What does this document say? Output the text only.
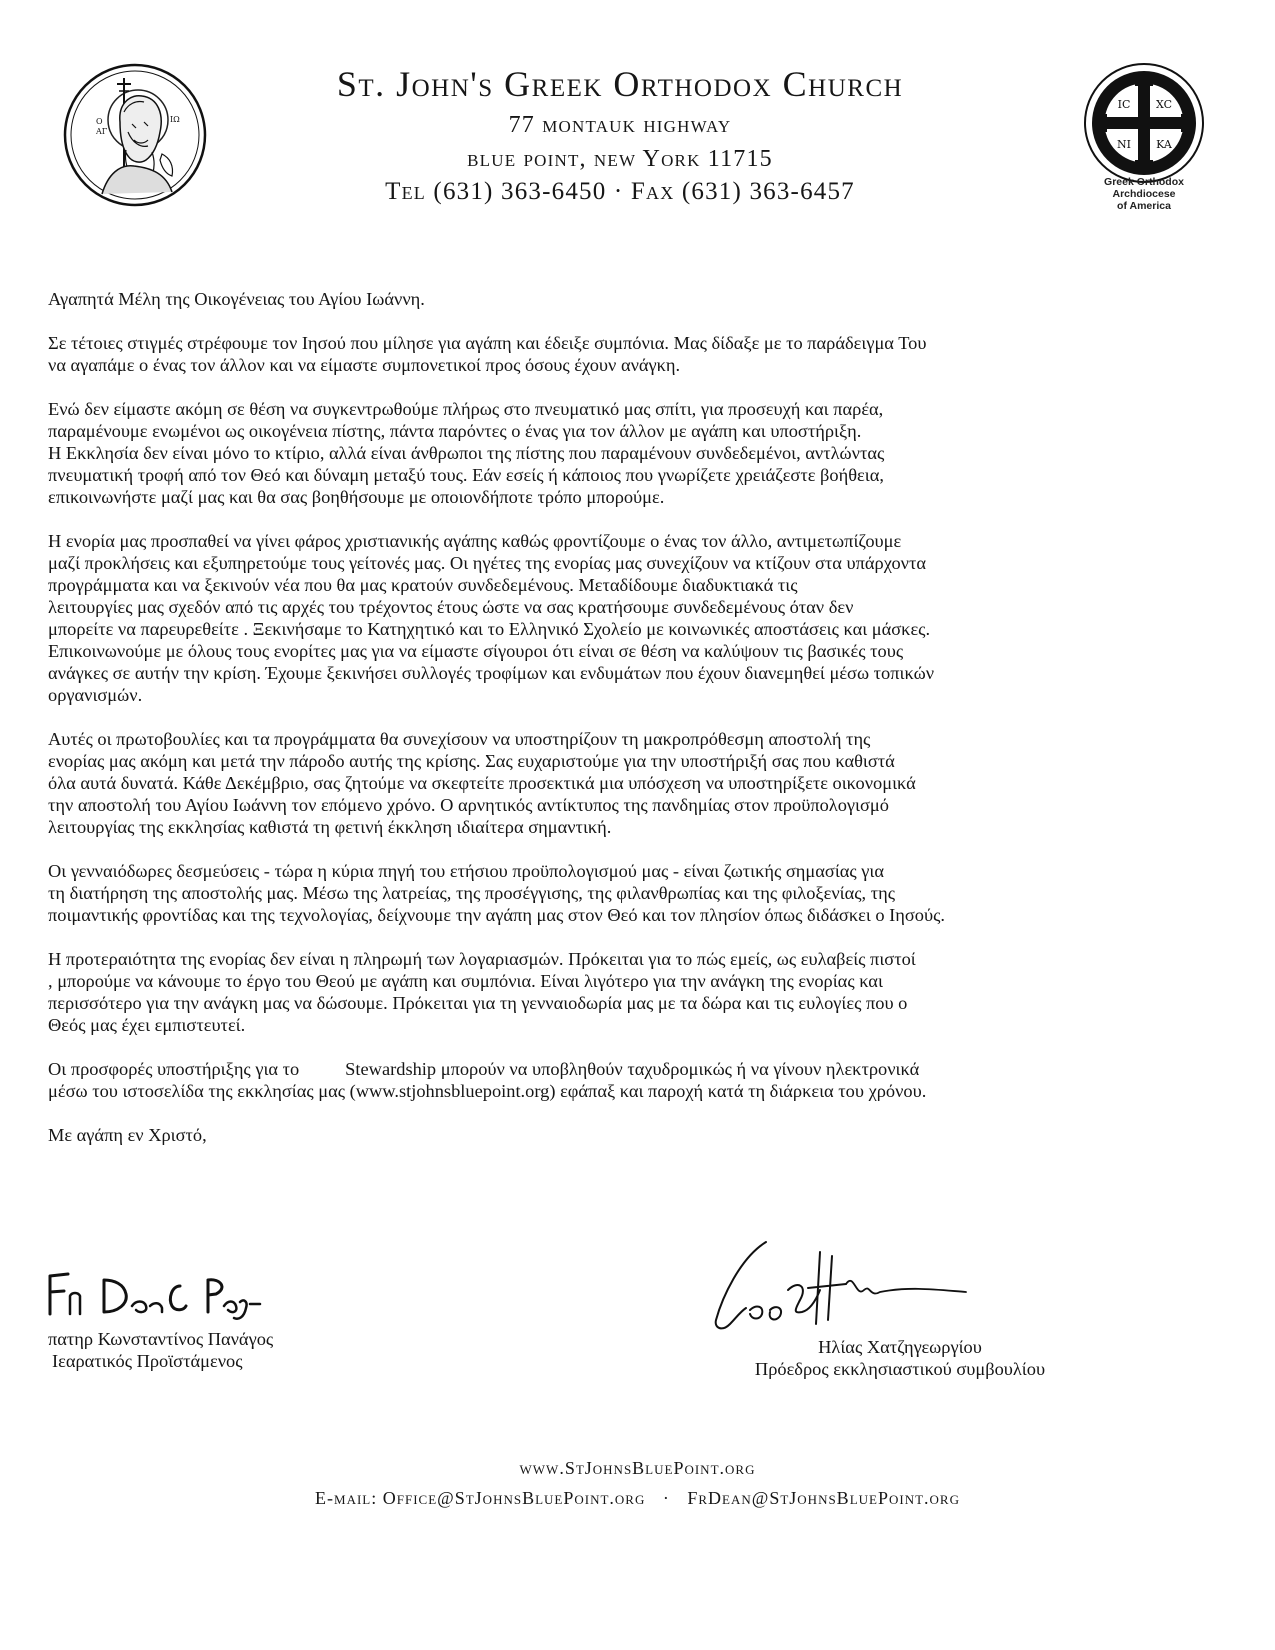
Ο
ΑΓ
ΙΩ
St. John's Greek Orthodox Church
77 montauk highway
blue point, new York 11715
Tel (631) 363-6450 · Fax (631) 363-6457
IC XC
NI KA
Greek Orthodox
Archdiocese
of America

Αγαπητά Μέλη της Οικογένειας του Αγίου Ιωάννη.

Σε τέτοιες στιγμές στρέφουμε τον Ιησού που μίλησε για αγάπη και έδειξε συμπόνια. Μας δίδαξε με το παράδειγμα Του
να αγαπάμε ο ένας τον άλλον και να είμαστε συμπονετικοί προς όσους έχουν ανάγκη.

Ενώ δεν είμαστε ακόμη σε θέση να συγκεντρωθούμε πλήρως στο πνευματικό μας σπίτι, για προσευχή και παρέα,
παραμένουμε ενωμένοι ως οικογένεια πίστης, πάντα παρόντες ο ένας για τον άλλον με αγάπη και υποστήριξη.
Η Εκκλησία δεν είναι μόνο το κτίριο, αλλά είναι άνθρωποι της πίστης που παραμένουν συνδεδεμένοι, αντλώντας
πνευματική τροφή από τον Θεό και δύναμη μεταξύ τους. Εάν εσείς ή κάποιος που γνωρίζετε χρειάζεστε βοήθεια,
επικοινωνήστε μαζί μας και θα σας βοηθήσουμε με οποιονδήποτε τρόπο μπορούμε.

Η ενορία μας προσπαθεί να γίνει φάρος χριστιανικής αγάπης καθώς φροντίζουμε ο ένας τον άλλο, αντιμετωπίζουμε
μαζί προκλήσεις και εξυπηρετούμε τους γείτονές μας. Οι ηγέτες της ενορίας μας συνεχίζουν να κτίζουν στα υπάρχοντα
προγράμματα και να ξεκινούν νέα που θα μας κρατούν συνδεδεμένους. Μεταδίδουμε διαδυκτιακά τις
λειτουργίες μας σχεδόν από τις αρχές του τρέχοντος έτους ώστε να σας κρατήσουμε συνδεδεμένους όταν δεν
μπορείτε να παρευρεθείτε . Ξεκινήσαμε το Κατηχητικό και το Ελληνικό Σχολείο με κοινωνικές αποστάσεις και μάσκες.
Επικοινωνούμε με όλους τους ενορίτες μας για να είμαστε σίγουροι ότι είναι σε θέση να καλύψουν τις βασικές τους
ανάγκες σε αυτήν την κρίση. Έχουμε ξεκινήσει συλλογές τροφίμων και ενδυμάτων που έχουν διανεμηθεί μέσω τοπικών
οργανισμών.

Αυτές οι πρωτοβουλίες και τα προγράμματα θα συνεχίσουν να υποστηρίζουν τη μακροπρόθεσμη αποστολή της
ενορίας μας ακόμη και μετά την πάροδο αυτής της κρίσης. Σας ευχαριστούμε για την υποστήριξή σας που καθιστά
όλα αυτά δυνατά. Κάθε Δεκέμβριο, σας ζητούμε να σκεφτείτε προσεκτικά μια υπόσχεση να υποστηρίξετε οικονομικά
την αποστολή του Αγίου Ιωάννη τον επόμενο χρόνο. Ο αρνητικός αντίκτυπος της πανδημίας στον προϋπολογισμό
λειτουργίας της εκκλησίας καθιστά τη φετινή έκκληση ιδιαίτερα σημαντική.

Οι γενναιόδωρες δεσμεύσεις - τώρα η κύρια πηγή του ετήσιου προϋπολογισμού μας - είναι ζωτικής σημασίας για
τη διατήρηση της αποστολής μας. Μέσω της λατρείας, της προσέγγισης, της φιλανθρωπίας και της φιλοξενίας, της
ποιμαντικής φροντίδας και της τεχνολογίας, δείχνουμε την αγάπη μας στον Θεό και τον πλησίον όπως διδάσκει ο Ιησούς.

Η προτεραιότητα της ενορίας δεν είναι η πληρωμή των λογαριασμών. Πρόκειται για το πώς εμείς, ως ευλαβείς πιστοί
, μπορούμε να κάνουμε το έργο του Θεού με αγάπη και συμπόνια. Είναι λιγότερο για την ανάγκη της ενορίας και
περισσότερο για την ανάγκη μας να δώσουμε. Πρόκειται για τη γενναιοδωρία μας με τα δώρα και τις ευλογίες που ο
Θεός μας έχει εμπιστευτεί.

Οι προσφορές υποστήριξης για το          Stewardship μπορούν να υποβληθούν ταχυδρομικώς ή να γίνουν ηλεκτρονικά
μέσω του ιστοσελίδα της εκκλησίας μας (www.stjohnsbluepoint.org) εφάπαξ και παροχή κατά τη διάρκεια του χρόνου.

Με αγάπη εν Χριστό,

πατηρ Κωνσταντίνος Πανάγος
Ιεαρατικός Προϊστάμενος
Ηλίας Χατζηγεωργίου
Πρόεδρος εκκλησιαστικού συμβουλίου
www.StJohnsBluePoint.org
E-mail: Office@StJohnsBluePoint.org · FrDean@StJohnsBluePoint.org
